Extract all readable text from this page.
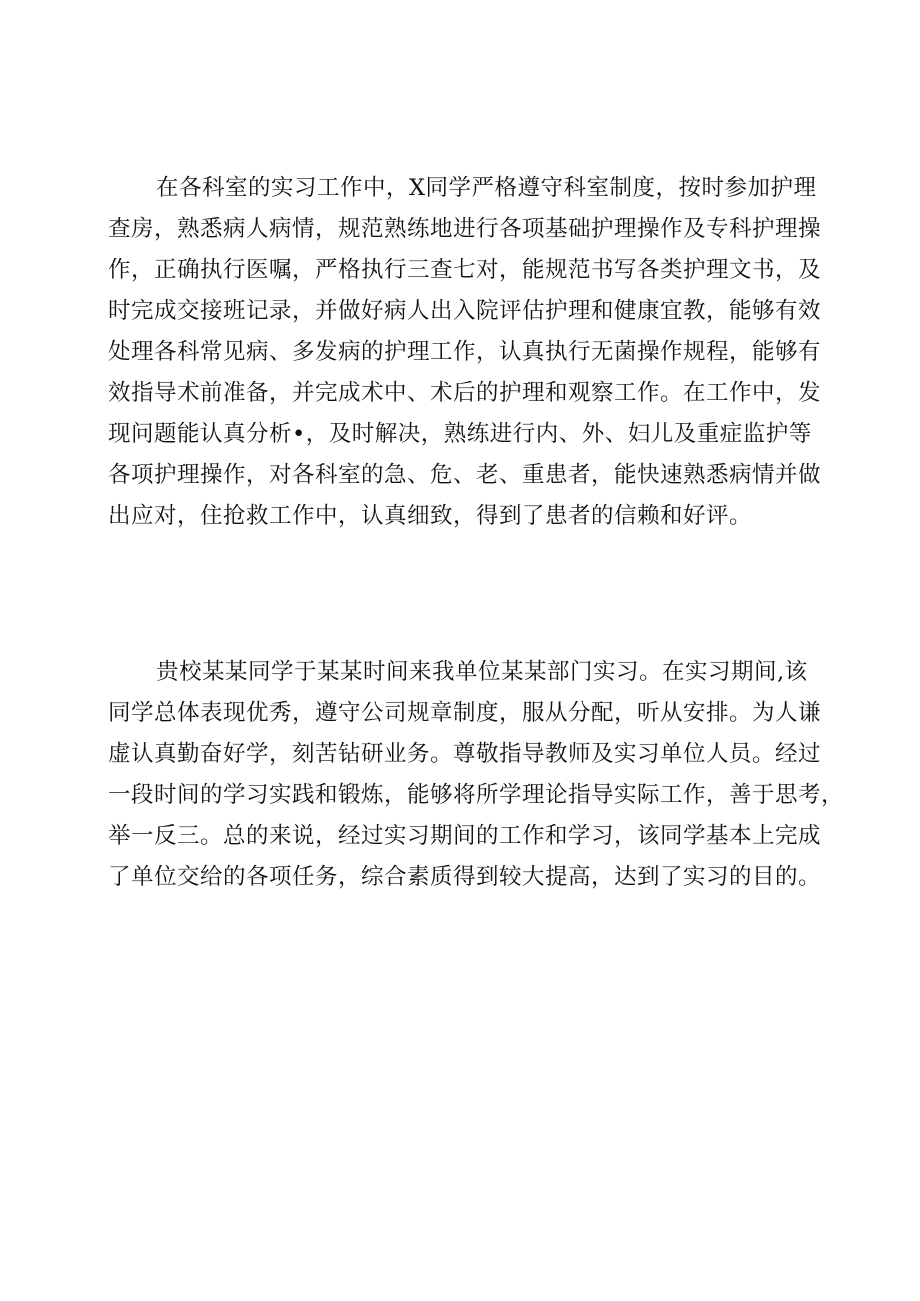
在各科室的实习工作中，X同学严格遵守科室制度，按时参加护理
查房，熟悉病人病情，规范熟练地进行各项基础护理操作及专科护理操
作，正确执行医嘱，严格执行三查七对，能规范书写各类护理文书，及
时完成交接班记录，并做好病人出入院评估护理和健康宜教，能够有效
处理各科常见病、多发病的护理工作，认真执行无菌操作规程，能够有
效指导术前准备，并完成术中、术后的护理和观察工作。在工作中，发
现问题能认真分析•，及时解决，熟练进行内、外、妇儿及重症监护等
各项护理操作，对各科室的急、危、老、重患者，能快速熟悉病情并做
出应对，住抢救工作中，认真细致，得到了患者的信赖和好评。
贵校某某同学于某某时间来我单位某某部门实习。在实习期间,该
同学总体表现优秀，遵守公司规章制度，服从分配，听从安排。为人谦
虚认真勤奋好学，刻苦钻研业务。尊敬指导教师及实习单位人员。经过
一段时间的学习实践和锻炼，能够将所学理论指导实际工作，善于思考，
举一反三。总的来说，经过实习期间的工作和学习，该同学基本上完成
了单位交给的各项任务，综合素质得到较大提高，达到了实习的目的。
